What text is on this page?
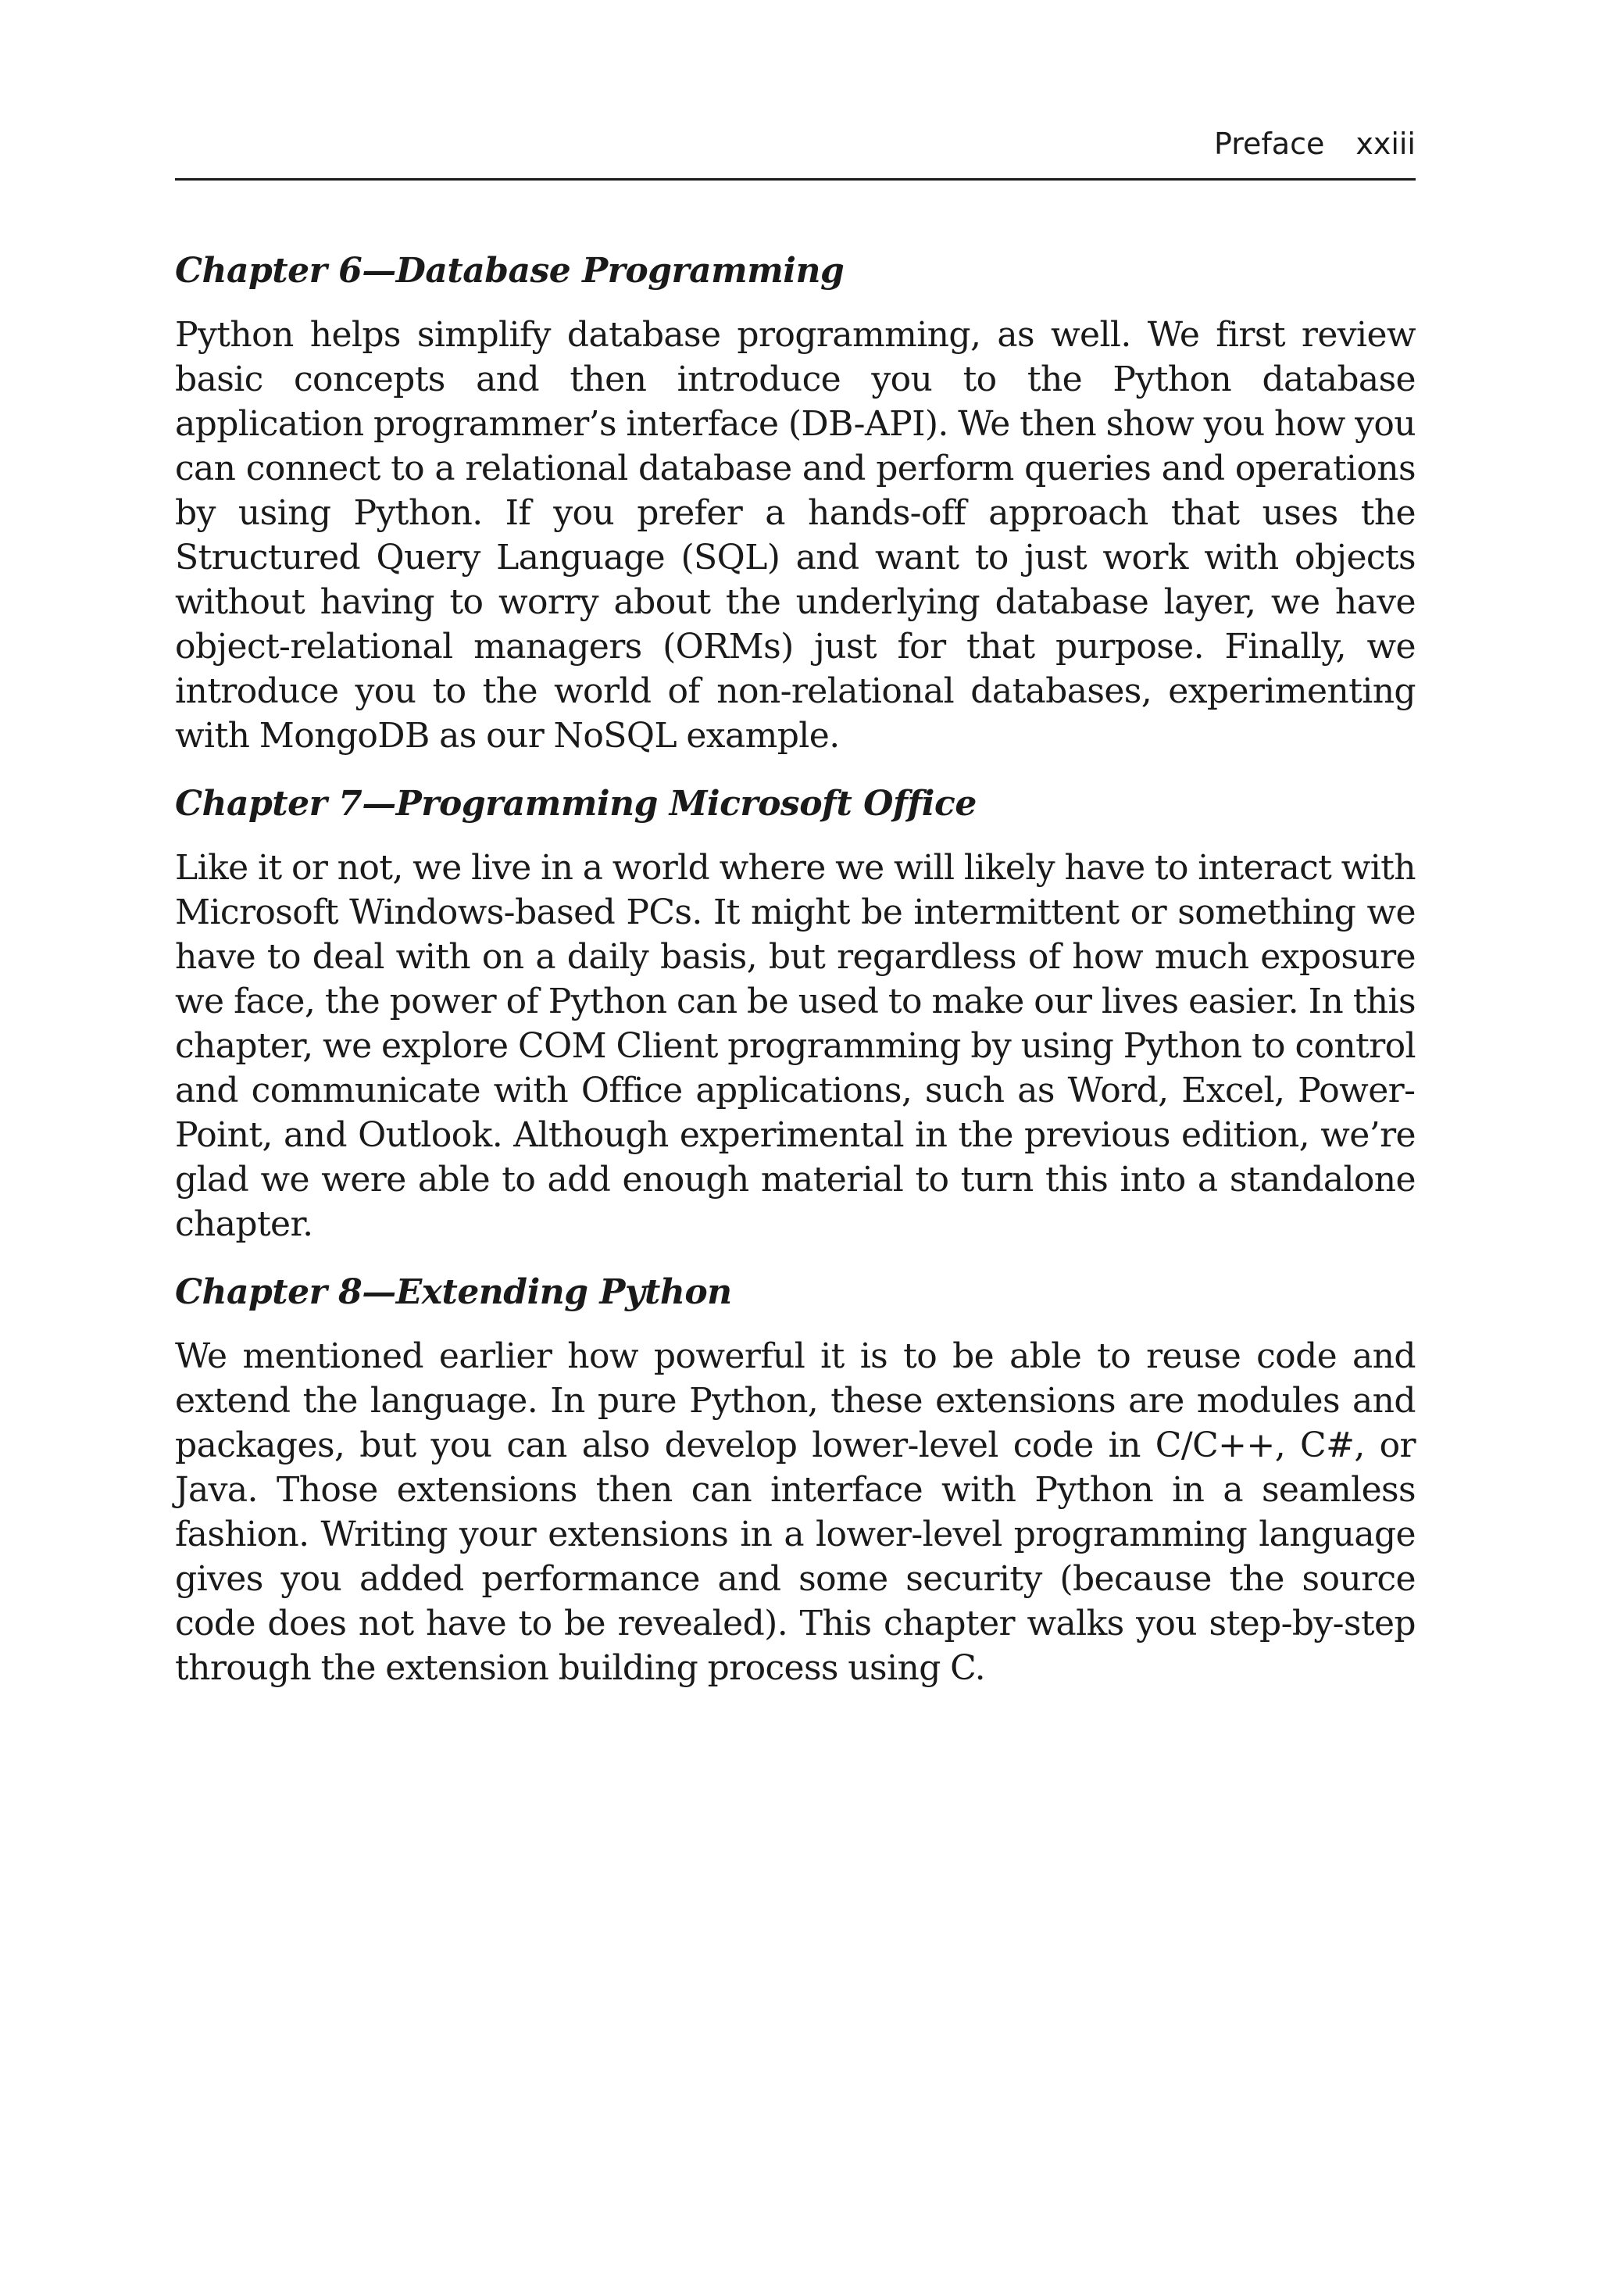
Preface xxiii
Chapter 6—Database Programming

Python helps simplify database programming, as well. We first review basic concepts and then introduce you to the Python database application programmer’s interface (DB-API). We then show you how you can connect to a relational database and perform queries and operations by using Python. If you prefer a hands-off approach that uses the Structured Query Language (SQL) and want to just work with objects without having to worry about the underlying database layer, we have object-relational managers (ORMs) just for that purpose. Finally, we introduce you to the world of non-relational databases, experimenting with MongoDB as our NoSQL example.

Chapter 7—Programming Microsoft Office

Like it or not, we live in a world where we will likely have to interact with Microsoft Windows-based PCs. It might be intermittent or something we have to deal with on a daily basis, but regardless of how much exposure we face, the power of Python can be used to make our lives easier. In this chapter, we explore COM Client programming by using Python to control and communicate with Office applications, such as Word, Excel, PowerPoint, and Outlook. Although experimental in the previous edition, we’re glad we were able to add enough material to turn this into a standalone chapter.

Chapter 8—Extending Python

We mentioned earlier how powerful it is to be able to reuse code and extend the language. In pure Python, these extensions are modules and packages, but you can also develop lower-level code in C/C++, C#, or Java. Those extensions then can interface with Python in a seamless fashion. Writing your extensions in a lower-level programming language gives you added performance and some security (because the source code does not have to be revealed). This chapter walks you step-by-step through the extension building process using C.
